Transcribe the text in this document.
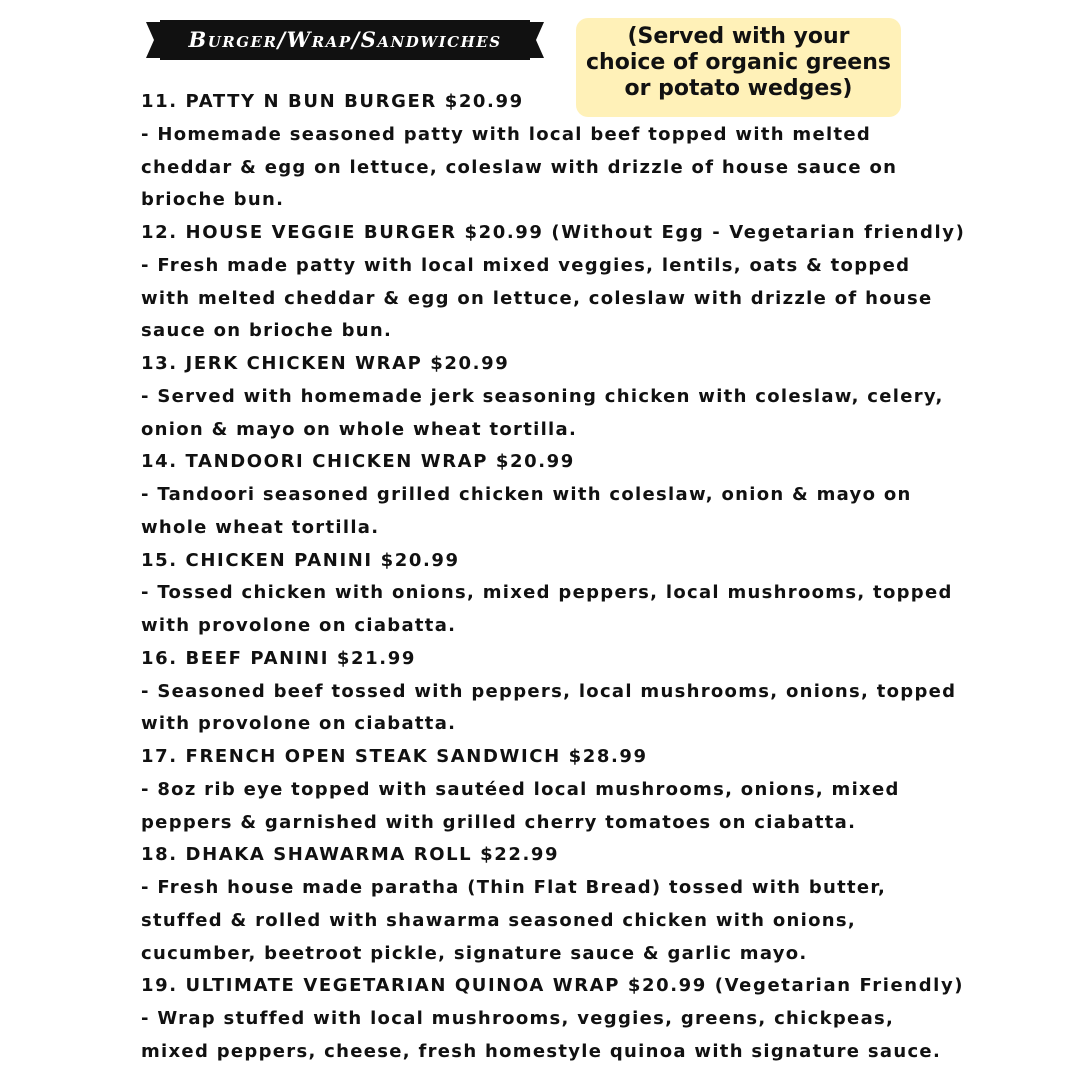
Burger/Wrap/Sandwiches	(Served with your choice of organic greens or potato wedges)
11. PATTY N BUN BURGER $20.99
- Homemade seasoned patty with local beef topped with melted
cheddar & egg on lettuce, coleslaw with drizzle of house sauce on
brioche bun.
12. HOUSE VEGGIE BURGER $20.99 (Without Egg - Vegetarian friendly)
- Fresh made patty with local mixed veggies, lentils, oats & topped
with melted cheddar & egg on lettuce, coleslaw with drizzle of house
sauce on brioche bun.
13. JERK CHICKEN WRAP $20.99
- Served with homemade jerk seasoning chicken with coleslaw, celery,
onion & mayo on whole wheat tortilla.
14. TANDOORI CHICKEN WRAP $20.99
- Tandoori seasoned grilled chicken with coleslaw, onion & mayo on
whole wheat tortilla.
15. CHICKEN PANINI $20.99
- Tossed chicken with onions, mixed peppers, local mushrooms, topped
with provolone on ciabatta.
16. BEEF PANINI $21.99
- Seasoned beef tossed with peppers, local mushrooms, onions, topped
with provolone on ciabatta.
17. FRENCH OPEN STEAK SANDWICH $28.99
- 8oz rib eye topped with sautéed local mushrooms, onions, mixed
peppers & garnished with grilled cherry tomatoes on ciabatta.
18. DHAKA SHAWARMA ROLL $22.99
- Fresh house made paratha (Thin Flat Bread) tossed with butter,
stuffed & rolled with shawarma seasoned chicken with onions,
cucumber, beetroot pickle, signature sauce & garlic mayo.
19. ULTIMATE VEGETARIAN QUINOA WRAP $20.99 (Vegetarian Friendly)
- Wrap stuffed with local mushrooms, veggies, greens, chickpeas,
mixed peppers, cheese, fresh homestyle quinoa with signature sauce.
